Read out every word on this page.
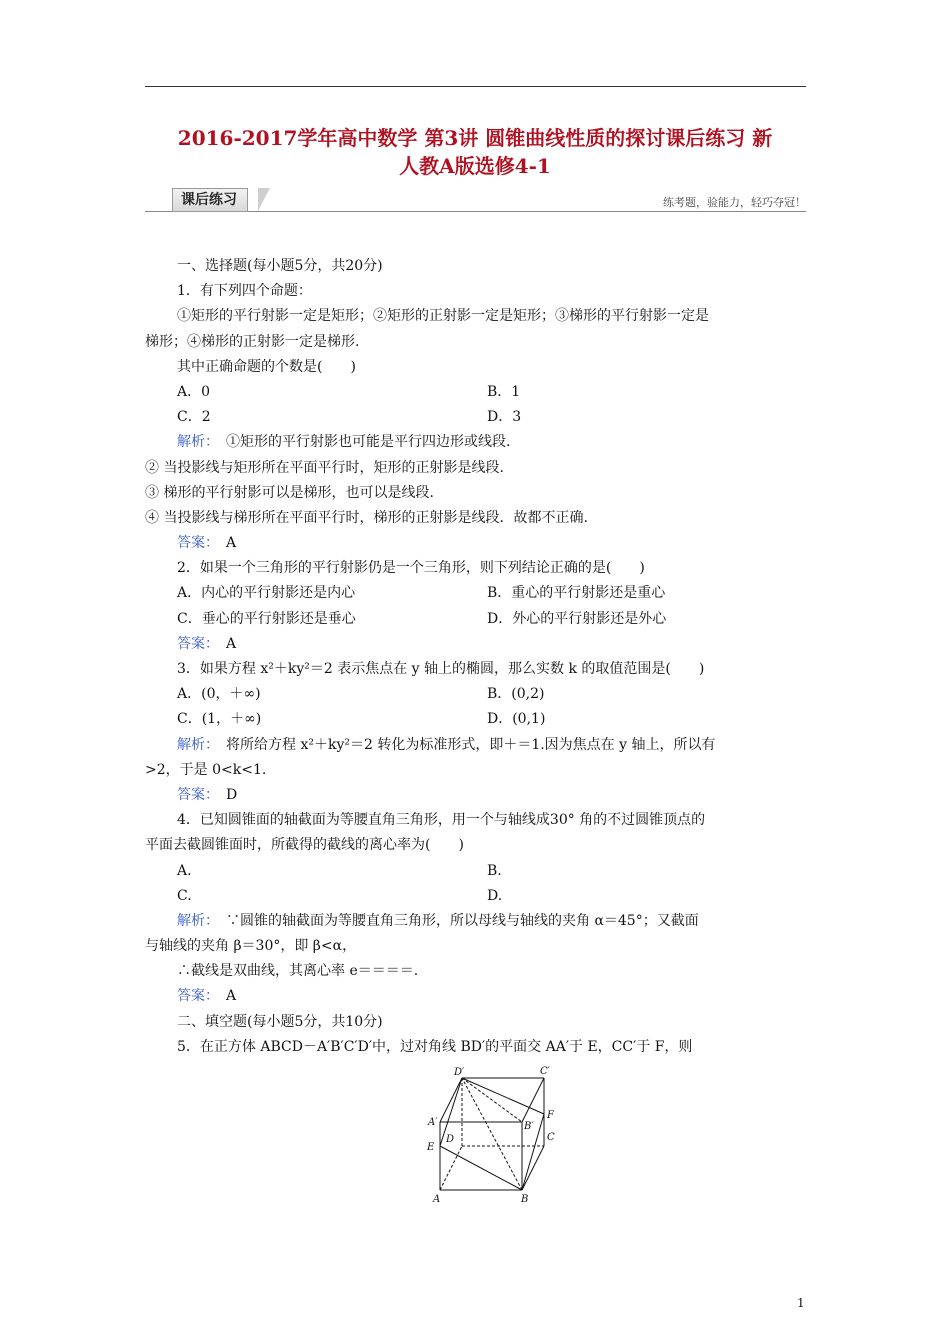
2016-2017学年高中数学 第3讲 圆锥曲线性质的探讨课后练习 新
人教A版选修4-1
课后练习	练考题，验能力，轻巧夺冠！
一、选择题(每小题5分，共20分)
1．有下列四个命题：
①矩形的平行射影一定是矩形；②矩形的正射影一定是矩形；③梯形的平行射影一定是
梯形；④梯形的正射影一定是梯形.
其中正确命题的个数是(　　)
A．0	B．1
C．2	D．3
解析：　①矩形的平行射影也可能是平行四边形或线段.
② 当投影线与矩形所在平面平行时，矩形的正射影是线段.
③ 梯形的平行射影可以是梯形，也可以是线段.
④ 当投影线与梯形所在平面平行时，梯形的正射影是线段．故都不正确.
答案：　A
2．如果一个三角形的平行射影仍是一个三角形，则下列结论正确的是(　　)
A．内心的平行射影还是内心	B．重心的平行射影还是重心
C．垂心的平行射影还是垂心	D．外心的平行射影还是外心
答案：　A
3．如果方程 x²＋ky²＝2 表示焦点在 y 轴上的椭圆，那么实数 k 的取值范围是(　　)
A．(0，＋∞)	B．(0,2)
C．(1，＋∞)	D．(0,1)
解析：　将所给方程 x²＋ky²＝2 转化为标准形式，即＋＝1.因为焦点在 y 轴上，所以有
>2，于是 0<k<1.
答案：　D
4．已知圆锥面的轴截面为等腰直角三角形，用一个与轴线成30° 角的不过圆锥顶点的
平面去截圆锥面时，所截得的截线的离心率为(　　)
A.	B.
C.	D.
解析：　∵圆锥的轴截面为等腰直角三角形，所以母线与轴线的夹角 α＝45°；又截面
与轴线的夹角 β＝30°，即 β<α，
∴截线是双曲线，其离心率 e＝＝＝＝.
答案：　A
二、填空题(每小题5分，共10分)
5．在正方体 ABCD－A′B′C′D′中，过对角线 BD′的平面交 AA′于 E，CC′于 F，则
D′	C′
A′	B′
F
D	C
E
A	B
1
